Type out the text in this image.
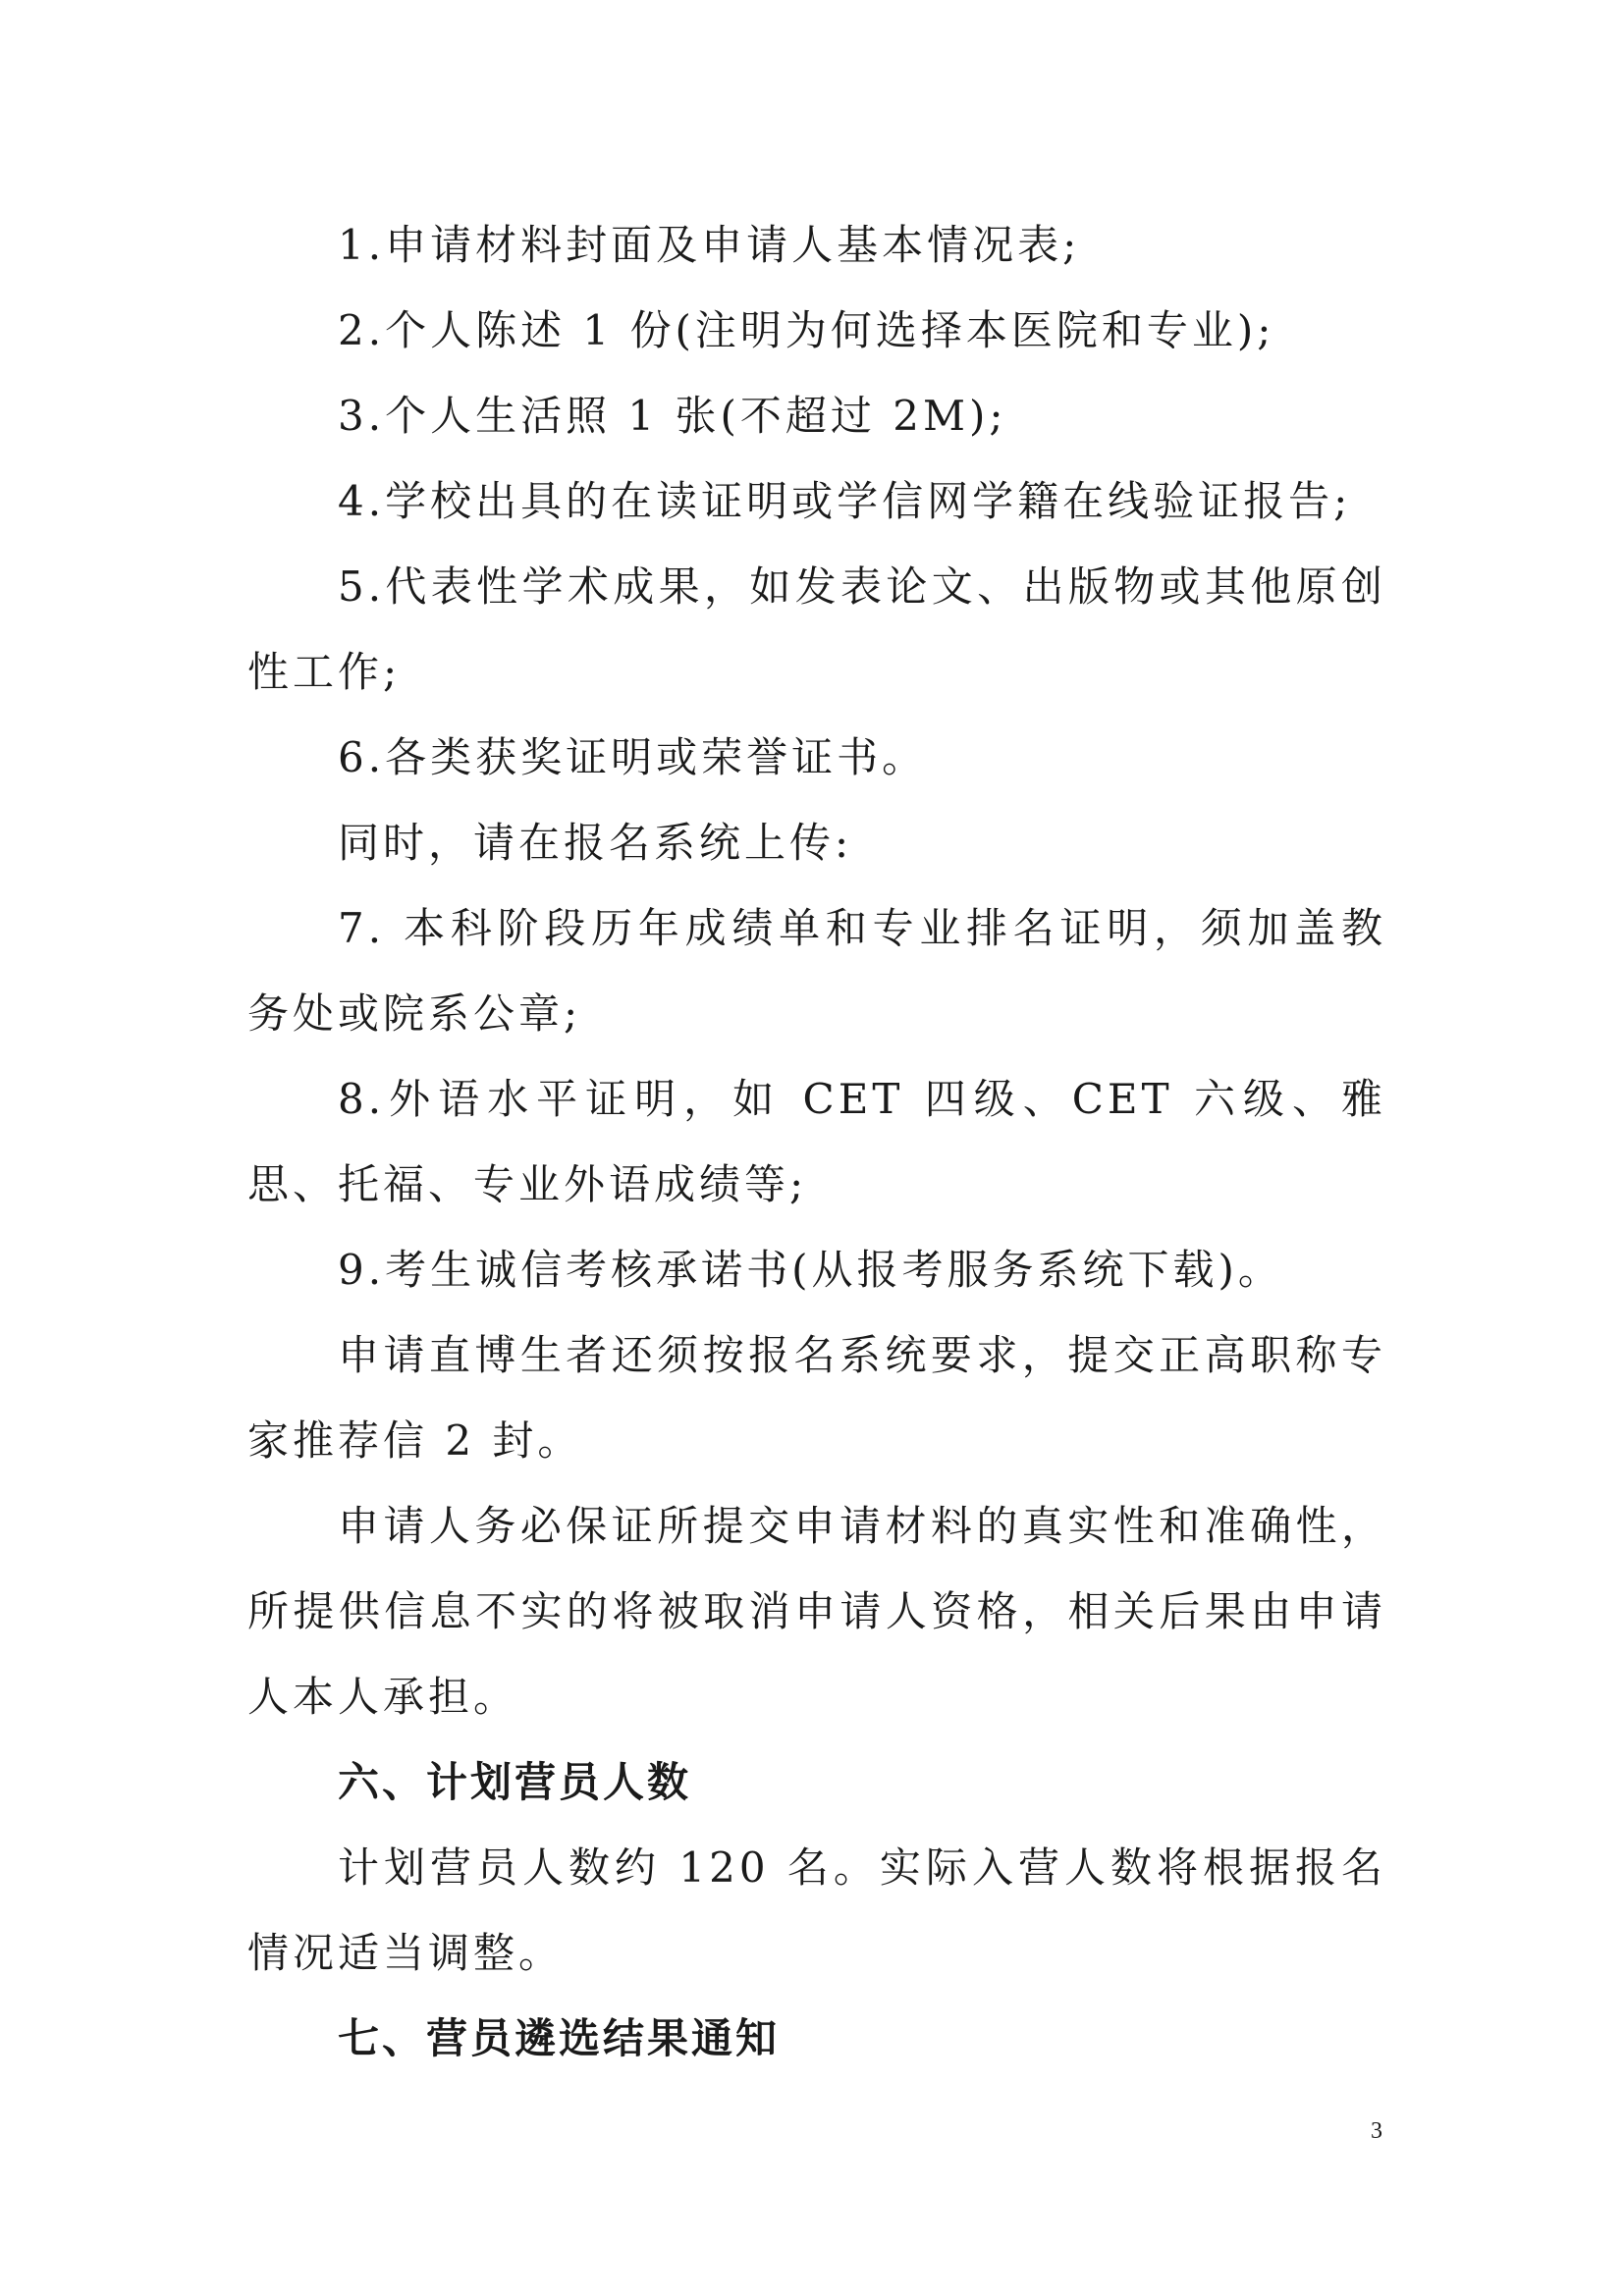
1.申请材料封面及申请人基本情况表;

2.个人陈述 1 份(注明为何选择本医院和专业);

3.个人生活照 1 张(不超过 2M);

4.学校出具的在读证明或学信网学籍在线验证报告;

5.代表性学术成果，如发表论文、出版物或其他原创性工作;

6.各类获奖证明或荣誉证书。

同时，请在报名系统上传:

7. 本科阶段历年成绩单和专业排名证明，须加盖教务处或院系公章;

8.外语水平证明，如 CET 四级、CET 六级、雅思、托福、专业外语成绩等;

9.考生诚信考核承诺书(从报考服务系统下载)。

申请直博生者还须按报名系统要求，提交正高职称专家推荐信 2 封。

申请人务必保证所提交申请材料的真实性和准确性，所提供信息不实的将被取消申请人资格，相关后果由申请人本人承担。

六、计划营员人数

计划营员人数约 120 名。实际入营人数将根据报名情况适当调整。

七、营员遴选结果通知

3
